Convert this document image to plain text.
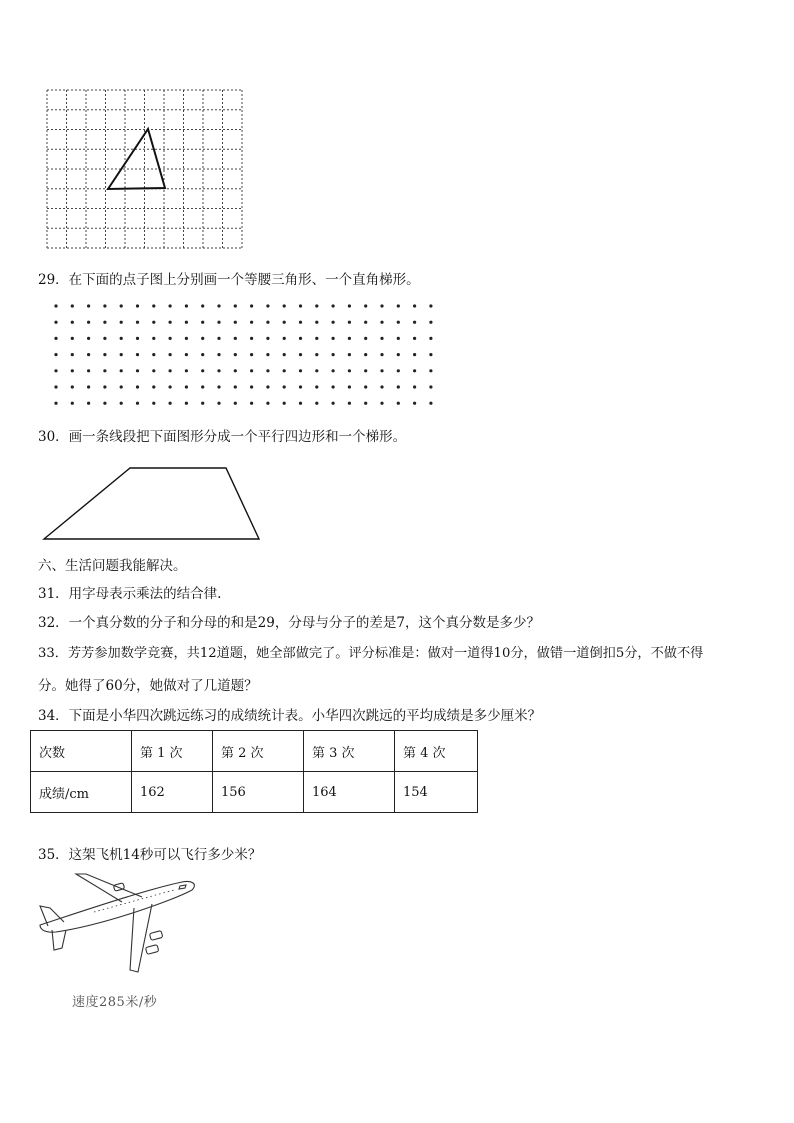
29．在下面的点子图上分别画一个等腰三角形、一个直角梯形。
30．画一条线段把下面图形分成一个平行四边形和一个梯形。
六、生活问题我能解决。
31．用字母表示乘法的结合律.
32．一个真分数的分子和分母的和是29，分母与分子的差是7，这个真分数是多少？
33．芳芳参加数学竞赛，共12道题，她全部做完了。评分标准是：做对一道得10分，做错一道倒扣5分，不做不得
分。她得了60分，她做对了几道题？
34．下面是小华四次跳远练习的成绩统计表。小华四次跳远的平均成绩是多少厘米？
次数	第 1 次	第 2 次	第 3 次	第 4 次
成绩/cm	162	156	164	154
35．这架飞机14秒可以飞行多少米？
速度285米/秒
